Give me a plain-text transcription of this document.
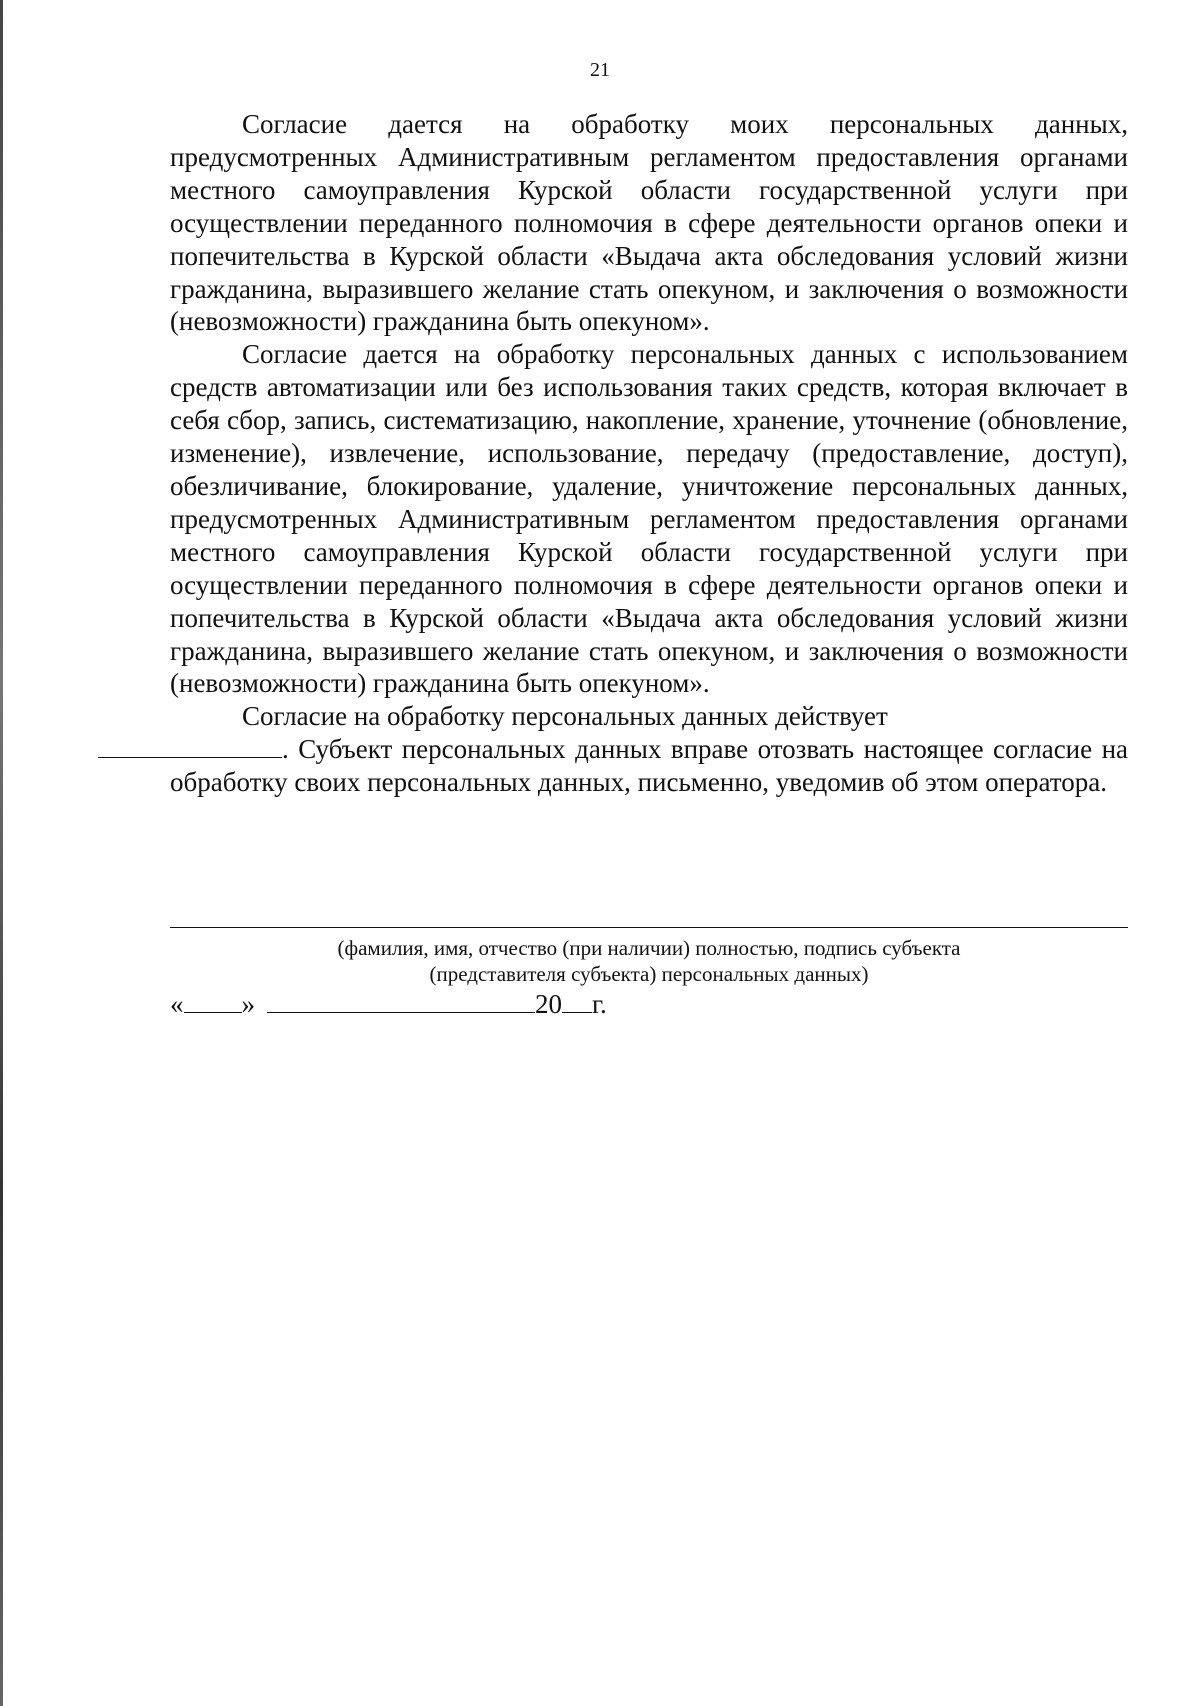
21

Согласие дается на обработку моих персональных данных, предусмотренных Административным регламентом предоставления органами местного самоуправления Курской области государственной услуги при осуществлении переданного полномочия в сфере деятельности органов опеки и попечительства в Курской области «Выдача акта обследования условий жизни гражданина, выразившего желание стать опекуном, и заключения о возможности (невозможности) гражданина быть опекуном».

Согласие дается на обработку персональных данных с использованием средств автоматизации или без использования таких средств, которая включает в себя сбор, запись, систематизацию, накопление, хранение, уточнение (обновление, изменение), извлечение, использование, передачу (предоставление, доступ), обезличивание, блокирование, удаление, уничтожение персональных данных, предусмотренных Административным регламентом предоставления органами местного самоуправления Курской области государственной услуги при осуществлении переданного полномочия в сфере деятельности органов опеки и попечительства в Курской области «Выдача акта обследования условий жизни гражданина, выразившего желание стать опекуном, и заключения о возможности (невозможности) гражданина быть опекуном».

Согласие на обработку персональных данных действует
. Субъект персональных данных вправе отозвать настоящее согласие на обработку своих персональных данных, письменно, уведомив об этом оператора.

(фамилия, имя, отчество (при наличии) полностью, подпись субъекта
(представителя субъекта) персональных данных)
« »	20 г.
